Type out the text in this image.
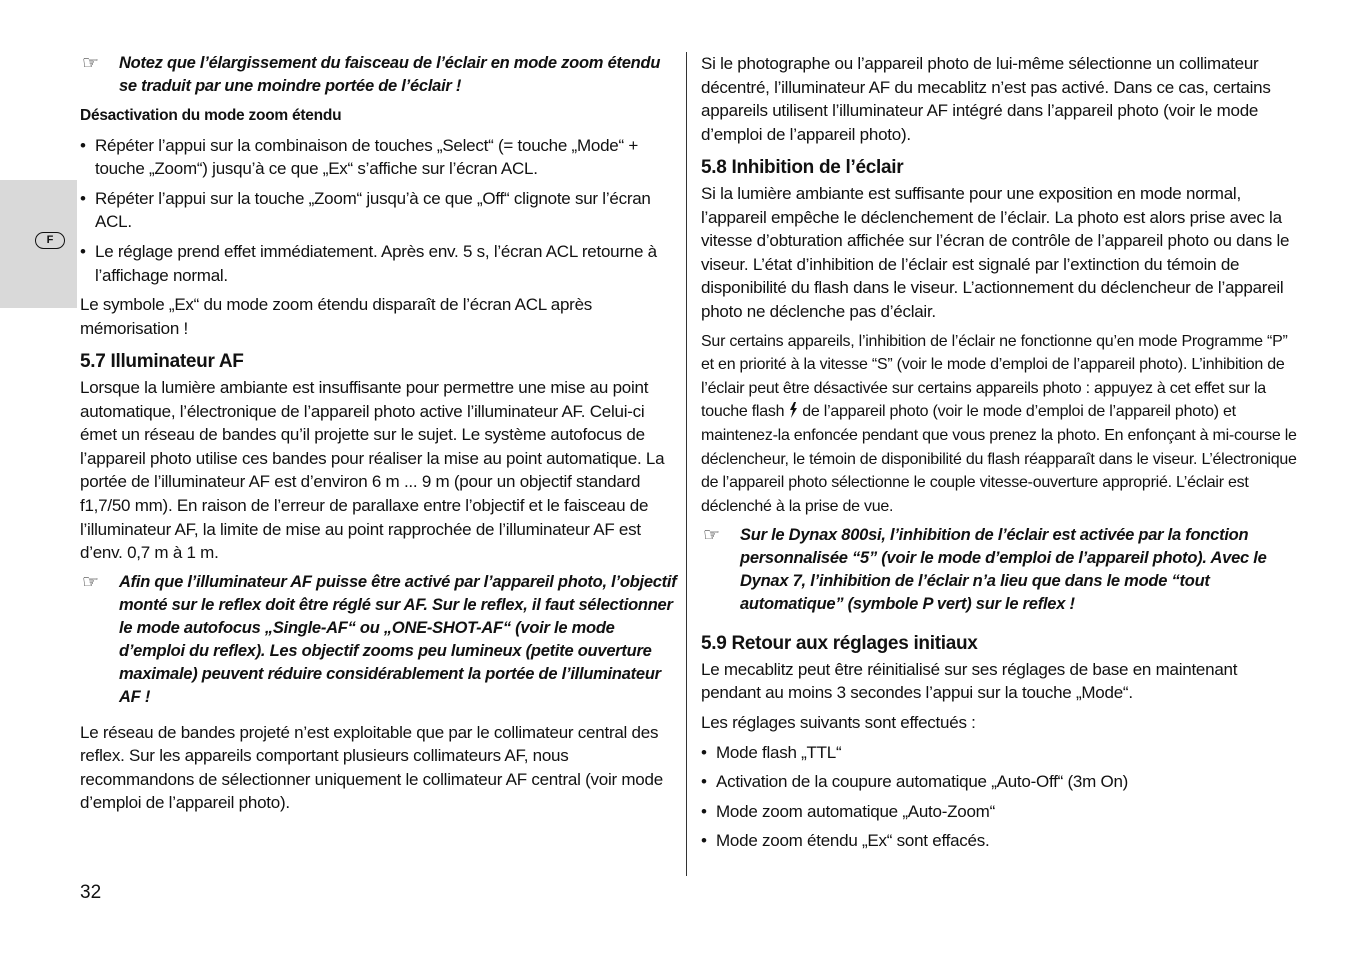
F
☞ Notez que l’élargissement du faisceau de l’éclair en mode zoom étendu se traduit par une moindre portée de l’éclair !
Désactivation du mode zoom étendu
• Répéter l’appui sur la combinaison de touches „Select“ (= touche „Mode“ + touche „Zoom“) jusqu’à ce que „Ex“ s’affiche sur l’écran ACL.
• Répéter l’appui sur la touche „Zoom“ jusqu’à ce que „Off“ clignote sur l’écran ACL.
• Le réglage prend effet immédiatement. Après env. 5 s, l’écran ACL retourne à l’affichage normal.

Le symbole „Ex“ du mode zoom étendu disparaît de l’écran ACL après mémorisation !

5.7 Illuminateur AF

Lorsque la lumière ambiante est insuffisante pour permettre une mise au point automatique, l’électronique de l’appareil photo active l’illuminateur AF. Celui-ci émet un réseau de bandes qu’il projette sur le sujet. Le système autofocus de l’appareil photo utilise ces bandes pour réaliser la mise au point automatique. La portée de l’illuminateur AF est d’environ 6 m ... 9 m (pour un objectif standard f1,7/50 mm). En raison de l’erreur de parallaxe entre l’objectif et le faisceau de l’illuminateur AF, la limite de mise au point rapprochée de l’illuminateur AF est d’env. 0,7 m à 1 m.

☞ Afin que l’illuminateur AF puisse être activé par l’appareil photo, l’objectif monté sur le reflex doit être réglé sur AF. Sur le reflex, il faut sélectionner le mode autofocus „Single-AF“ ou „ONE-SHOT-AF“ (voir le mode d’emploi du reflex). Les objectif zooms peu lumineux (petite ouverture maximale) peuvent réduire considérablement la portée de l’illuminateur AF !

Le réseau de bandes projeté n’est exploitable que par le collimateur central des reflex. Sur les appareils comportant plusieurs collimateurs AF, nous recommandons de sélectionner uniquement le collimateur AF central (voir mode d’emploi de l’appareil photo).

Si le photographe ou l’appareil photo de lui-même sélectionne un collimateur décentré, l’illuminateur AF du mecablitz n’est pas activé. Dans ce cas, certains appareils utilisent l’illuminateur AF intégré dans l’appareil photo (voir le mode d’emploi de l’appareil photo).

5.8 Inhibition de l’éclair

Si la lumière ambiante est suffisante pour une exposition en mode normal, l’appareil empêche le déclenchement de l’éclair. La photo est alors prise avec la vitesse d’obturation affichée sur l’écran de contrôle de l’appareil photo ou dans le viseur. L’état d’inhibition de l’éclair est signalé par l’extinction du témoin de disponibilité du flash dans le viseur. L’actionnement du déclencheur de l’appareil photo ne déclenche pas d’éclair.

Sur certains appareils, l’inhibition de l’éclair ne fonctionne qu’en mode Programme “P” et en priorité à la vitesse “S” (voir le mode d’emploi de l’appareil photo). L’inhibition de l’éclair peut être désactivée sur certains appareils photo : appuyez à cet effet sur la touche flash de l’appareil photo (voir le mode d’emploi de l’appareil photo) et maintenez-la enfoncée pendant que vous prenez la photo. En enfonçant à mi-course le déclencheur, le témoin de disponibilité du flash réapparaît dans le viseur. L’électronique de l’appareil photo sélectionne le couple vitesse-ouverture approprié. L’éclair est déclenché à la prise de vue.

☞ Sur le Dynax 800si, l’inhibition de l’éclair est activée par la fonction personnalisée “5” (voir le mode d’emploi de l’appareil photo). Avec le Dynax 7, l’inhibition de l’éclair n’a lieu que dans le mode “tout automatique” (symbole P vert) sur le reflex !
5.9 Retour aux réglages initiaux

Le mecablitz peut être réinitialisé sur ses réglages de base en maintenant pendant au moins 3 secondes l’appui sur la touche „Mode“.

Les réglages suivants sont effectués :

• Mode flash „TTL“
• Activation de la coupure automatique „Auto-Off“ (3m On)
• Mode zoom automatique „Auto-Zoom“
• Mode zoom étendu „Ex“ sont effacés.
32
